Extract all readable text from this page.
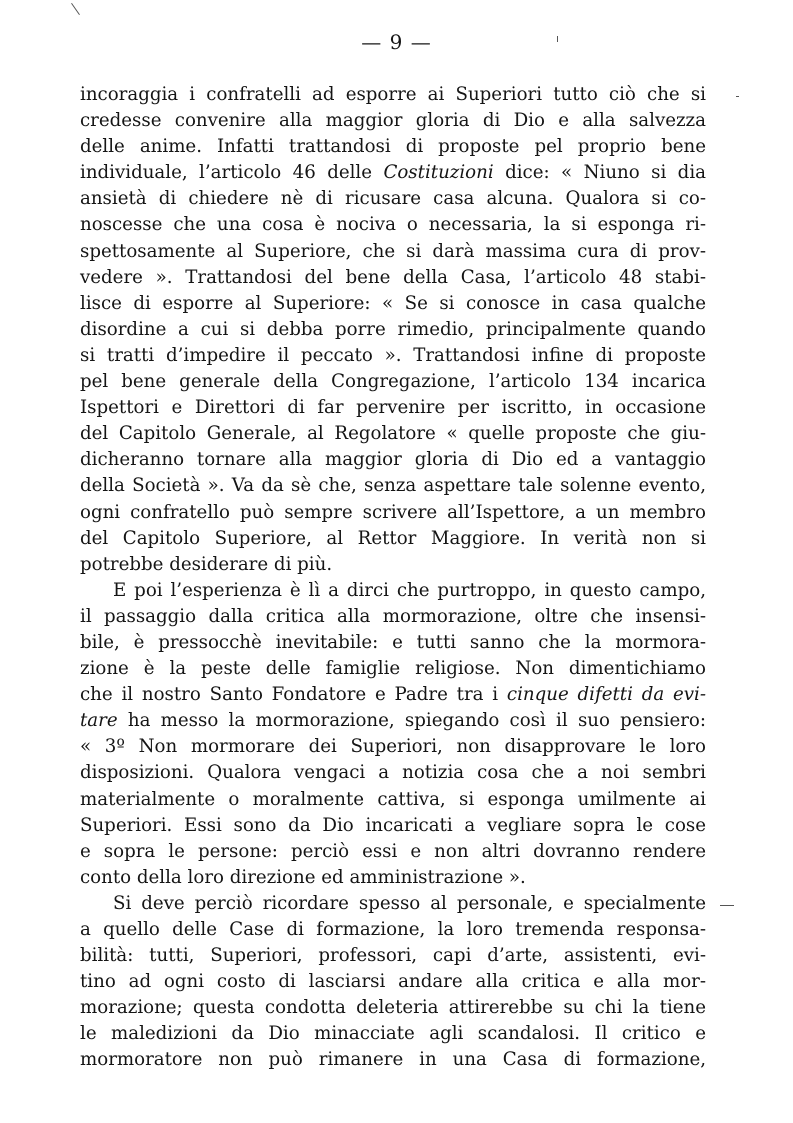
— 9 —
incoraggia i confratelli ad esporre ai Superiori tutto ciò che si
credesse convenire alla maggior gloria di Dio e alla salvezza
delle anime. Infatti trattandosi di proposte pel proprio bene
individuale, l’articolo 46 delle Costituzioni dice: « Niuno si dia
ansietà di chiedere nè di ricusare casa alcuna. Qualora si co-
noscesse che una cosa è nociva o necessaria, la si esponga ri-
spettosamente al Superiore, che si darà massima cura di prov-
vedere ». Trattandosi del bene della Casa, l’articolo 48 stabi-
lisce di esporre al Superiore: « Se si conosce in casa qualche
disordine a cui si debba porre rimedio, principalmente quando
si tratti d’impedire il peccato ». Trattandosi infine di proposte
pel bene generale della Congregazione, l’articolo 134 incarica
Ispettori e Direttori di far pervenire per iscritto, in occasione
del Capitolo Generale, al Regolatore « quelle proposte che giu-
dicheranno tornare alla maggior gloria di Dio ed a vantaggio
della Società ». Va da sè che, senza aspettare tale solenne evento,
ogni confratello può sempre scrivere all’Ispettore, a un membro
del Capitolo Superiore, al Rettor Maggiore. In verità non si
potrebbe desiderare di più.
E poi l’esperienza è lì a dirci che purtroppo, in questo campo,
il passaggio dalla critica alla mormorazione, oltre che insensi-
bile, è pressocchè inevitabile: e tutti sanno che la mormora-
zione è la peste delle famiglie religiose. Non dimentichiamo
che il nostro Santo Fondatore e Padre tra i cinque difetti da evi-
tare ha messo la mormorazione, spiegando così il suo pensiero:
« 3º Non mormorare dei Superiori, non disapprovare le loro
disposizioni. Qualora vengaci a notizia cosa che a noi sembri
materialmente o moralmente cattiva, si esponga umilmente ai
Superiori. Essi sono da Dio incaricati a vegliare sopra le cose
e sopra le persone: perciò essi e non altri dovranno rendere
conto della loro direzione ed amministrazione ».
Si deve perciò ricordare spesso al personale, e specialmente
a quello delle Case di formazione, la loro tremenda responsa-
bilità: tutti, Superiori, professori, capi d’arte, assistenti, evi-
tino ad ogni costo di lasciarsi andare alla critica e alla mor-
morazione; questa condotta deleteria attirerebbe su chi la tiene
le maledizioni da Dio minacciate agli scandalosi. Il critico e
mormoratore non può rimanere in una Casa di formazione,
